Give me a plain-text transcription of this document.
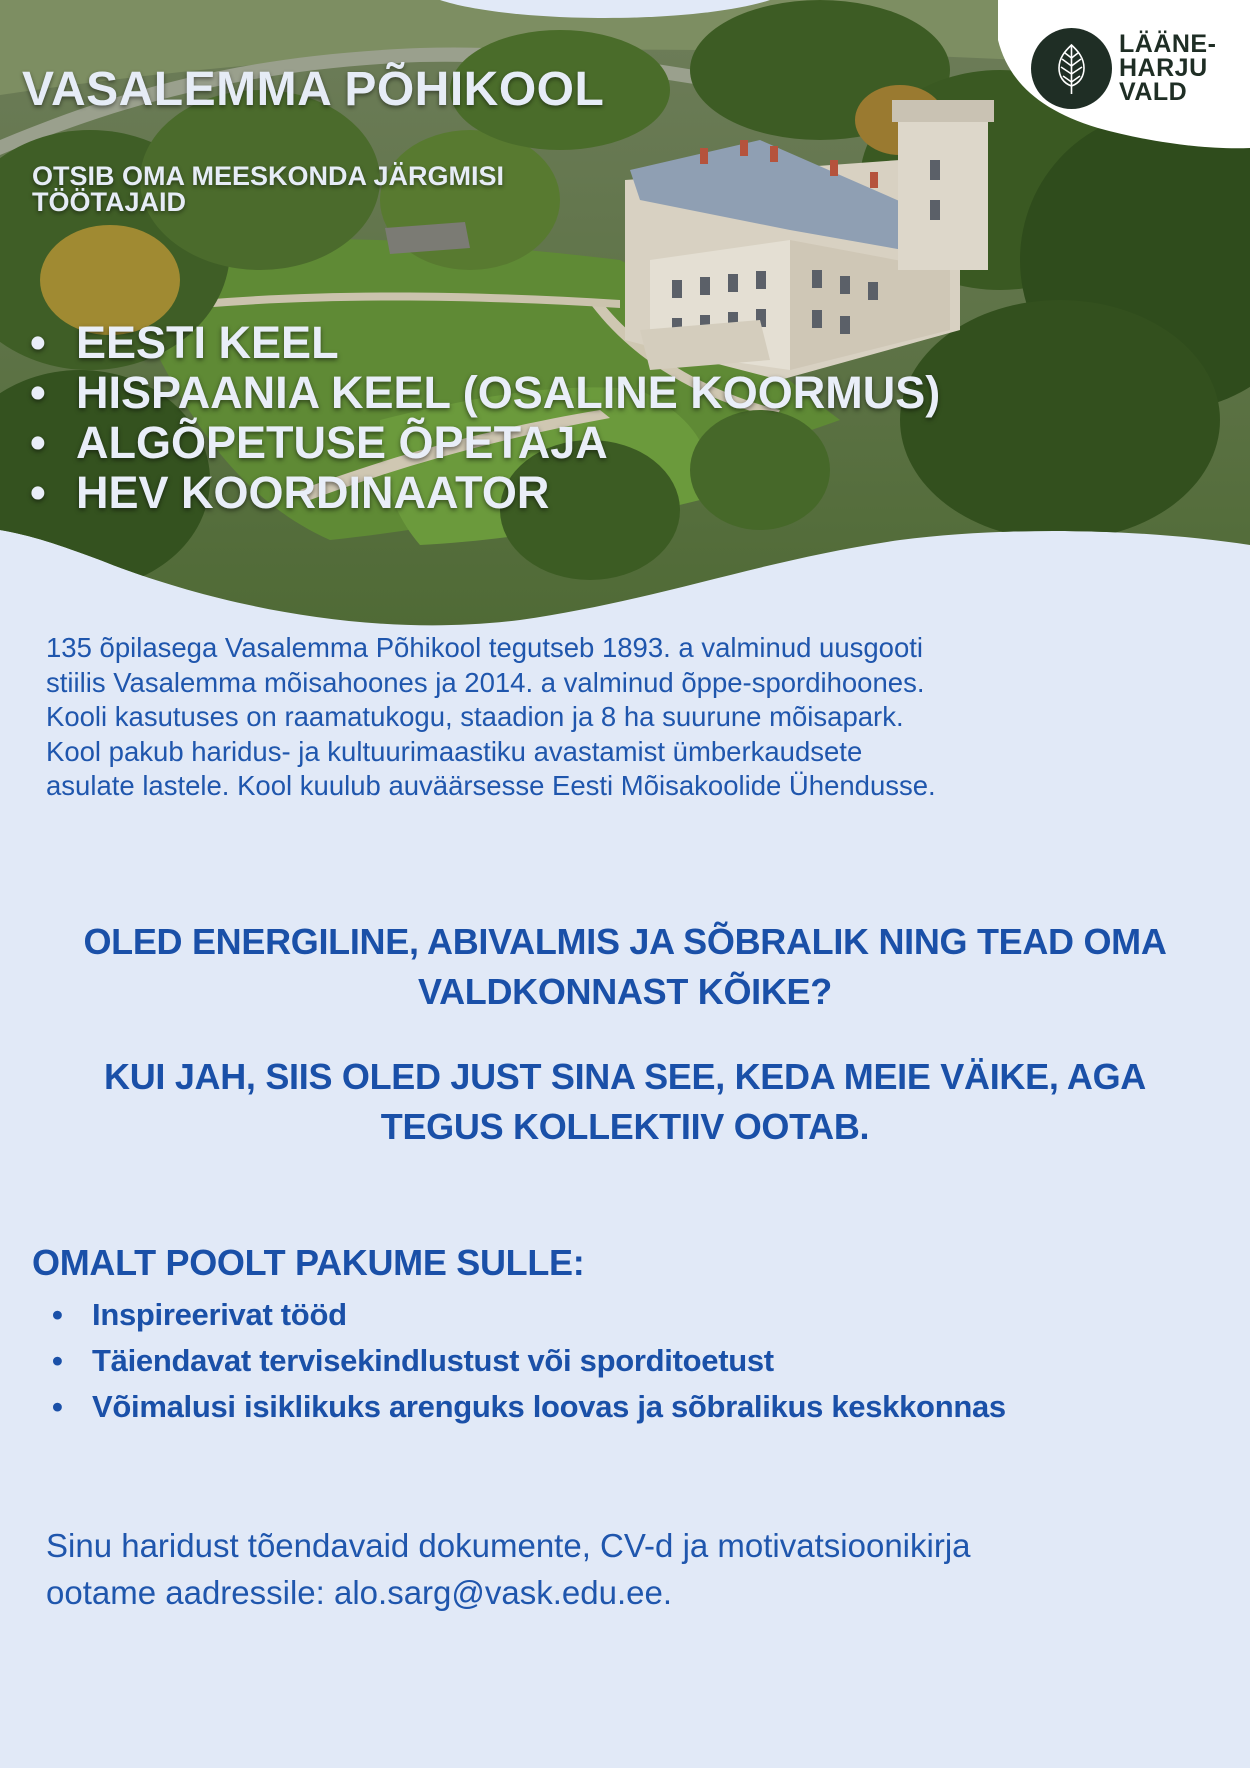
LÄÄNE-
HARJU
VALD
VASALEMMA PÕHIKOOL
OTSIB OMA MEESKONDA JÄRGMISI
TÖÖTAJAID
• EESTI KEEL
• HISPAANIA KEEL (OSALINE KOORMUS)
• ALGÕPETUSE ÕPETAJA
• HEV KOORDINAATOR
135 õpilasega Vasalemma Põhikool tegutseb 1893. a valminud uusgooti
stiilis Vasalemma mõisahoones ja 2014. a valminud õppe-spordihoones.
Kooli kasutuses on raamatukogu, staadion ja 8 ha suurune mõisapark.
Kool pakub haridus- ja kultuurimaastiku avastamist ümberkaudsete
asulate lastele. Kool kuulub auväärsesse Eesti Mõisakoolide Ühendusse.
OLED ENERGILINE, ABIVALMIS JA SÕBRALIK NING TEAD OMA
VALDKONNAST KÕIKE?
KUI JAH, SIIS OLED JUST SINA SEE, KEDA MEIE VÄIKE, AGA
TEGUS KOLLEKTIIV OOTAB.
OMALT POOLT PAKUME SULLE:
• Inspireerivat tööd
• Täiendavat tervisekindlustust või sporditoetust
• Võimalusi isiklikuks arenguks loovas ja sõbralikus keskkonnas
Sinu haridust tõendavaid dokumente, CV-d ja motivatsioonikirja
ootame aadressile: alo.sarg@vask.edu.ee.
